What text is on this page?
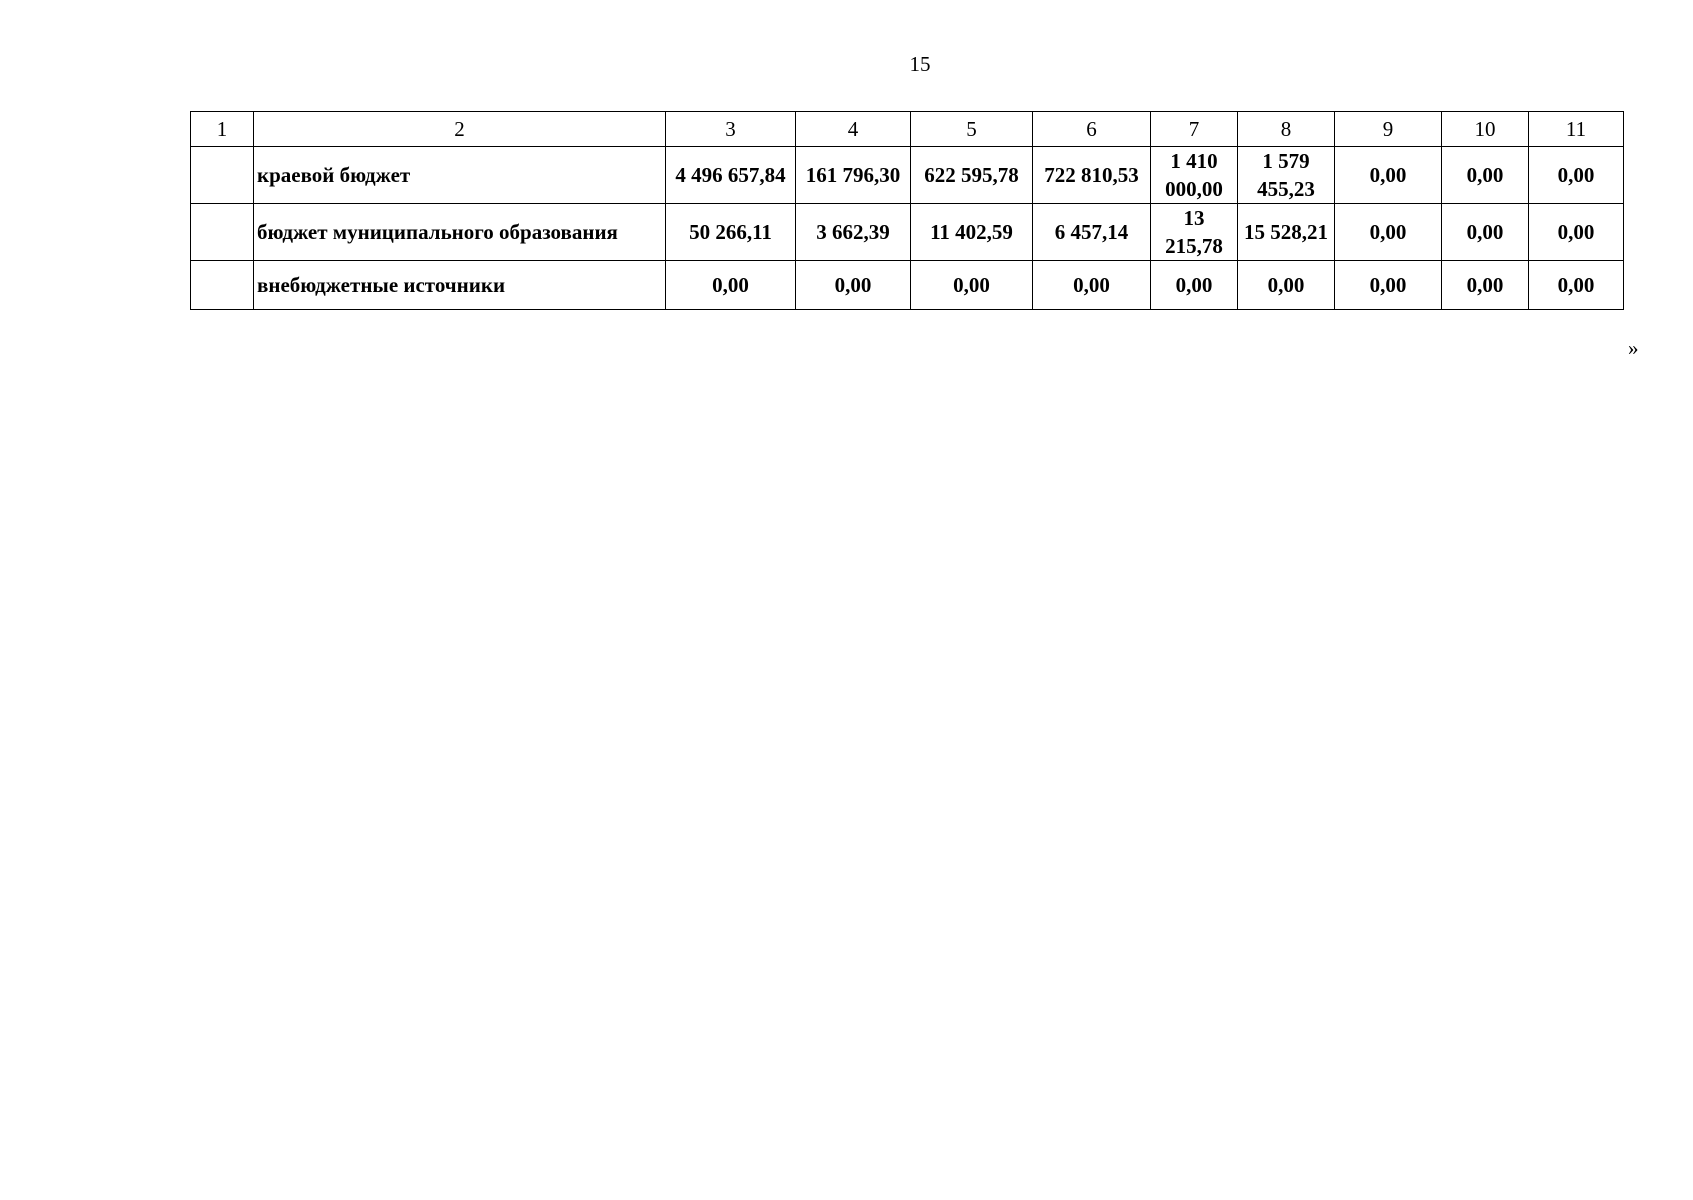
15
1	2	3	4	5	6	7	8	9	10	11
	краевой бюджет	4 496 657,84	161 796,30	622 595,78	722 810,53	1 410 000,00	1 579 455,23	0,00	0,00	0,00
	бюджет муниципального образования	50 266,11	3 662,39	11 402,59	6 457,14	13 215,78	15 528,21	0,00	0,00	0,00
	внебюджетные источники	0,00	0,00	0,00	0,00	0,00	0,00	0,00	0,00	0,00
»
